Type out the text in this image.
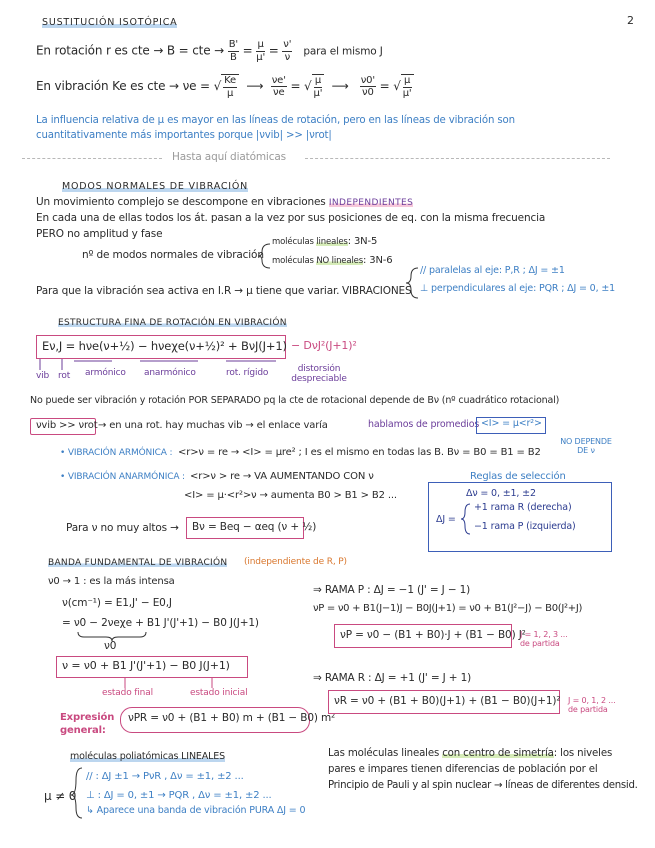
2
SUSTITUCIÓN ISOTÓPICA
En rotación r es cte → B = cte → $\frac{B'}{B} = \frac{\mu}{\mu'} = \frac{\nu'}{\nu}$ para el mismo J
En vibración Ke es cte → νe = √ $\frac{Ke}{\mu}$ ⟶ $\frac{\nu e'}{\nu e}$ = √ $\frac{\mu}{\mu'}$ ⟶ $\frac{\nu 0'}{\nu 0}$ = √ $\frac{\mu}{\mu'}$
La influencia relativa de μ es mayor en las líneas de rotación, pero en las líneas de vibración son
cuantitativamente más importantes porque |νvib| >> |νrot|
Hasta aquí diatómicas
MODOS NORMALES DE VIBRACIÓN
Un movimiento complejo se descompone en vibraciones INDEPENDIENTES
En cada una de ellas todos los át. pasan a la vez por sus posiciones de eq. con la misma frecuencia
PERO no amplitud y fase
nº de modos normales de vibración
moléculas lineales: 3N-5
moléculas NO lineales: 3N-6
Para que la vibración sea activa en I.R → μ tiene que variar. VIBRACIONES
// paralelas al eje: P,R ; ΔJ = ±1
⊥ perpendiculares al eje: PQR ; ΔJ = 0, ±1
ESTRUCTURA FINA DE ROTACIÓN EN VIBRACIÓN
Eν,J = hνe(ν+½) − hνeχe(ν+½)² + BνJ(J+1) − DνJ²(J+1)²
vib rot armónico anarmónico	rot. rígido	distorsión despreciable
No puede ser vibración y rotación POR SEPARADO pq la cte de rotacional depende de Bν (nº cuadrático rotacional)
νvib >> νrot → en una rot. hay muchas vib → el enlace varía	hablamos de promedios <I> = μ<r²>
• VIBRACIÓN ARMÓNICA : <r>ν = re → <I> = μre² ; I es el mismo en todas las B. Bν = B0 = B1 = B2
NO DEPENDE DE ν
• VIBRACIÓN ANARMÓNICA : <r>ν > re → VA AUMENTANDO CON ν
<I> = μ·<r²>ν → aumenta B0 > B1 > B2 ...
Para ν no muy altos → Bν = Beq − αeq (ν + ½)
Reglas de selección
Δν = 0, ±1, ±2
ΔJ =
+1 rama R (derecha)
−1 rama P (izquierda)
BANDA FUNDAMENTAL DE VIBRACIÓN (independiente de R, P)
ν0 → 1 : es la más intensa
ν(cm⁻¹) = E1,J' − E0,J
= ν0 − 2νeχe + B1 J'(J'+1) − B0 J(J+1)
ν0
ν = ν0 + B1 J'(J'+1) − B0 J(J+1)
estado final	estado inicial
Expresión general:
νPR = ν0 + (B1 + B0) m + (B1 − B0) m²
⇒ RAMA P : ΔJ = −1 (J' = J − 1)
νP = ν0 + B1(J−1)J − B0J(J+1) = ν0 + B1(J²−J) − B0(J²+J)
νP = ν0 − (B1 + B0)·J + (B1 − B0) J²
J = 1, 2, 3 ... de partida
⇒ RAMA R : ΔJ = +1 (J' = J + 1)
νR = ν0 + (B1 + B0)(J+1) + (B1 − B0)(J+1)² J = 0, 1, 2 ... de partida
moléculas poliatómicas LINEALES
μ ≠ 0
// : ΔJ ±1 → PνR , Δν = ±1, ±2 ...
⊥ : ΔJ = 0, ±1 → PQR , Δν = ±1, ±2 ...
↳ Aparece una banda de vibración PURA ΔJ = 0
Las moléculas lineales con centro de simetría: los niveles
pares e impares tienen diferencias de población por el
Principio de Pauli y al spin nuclear → líneas de diferentes densid.
